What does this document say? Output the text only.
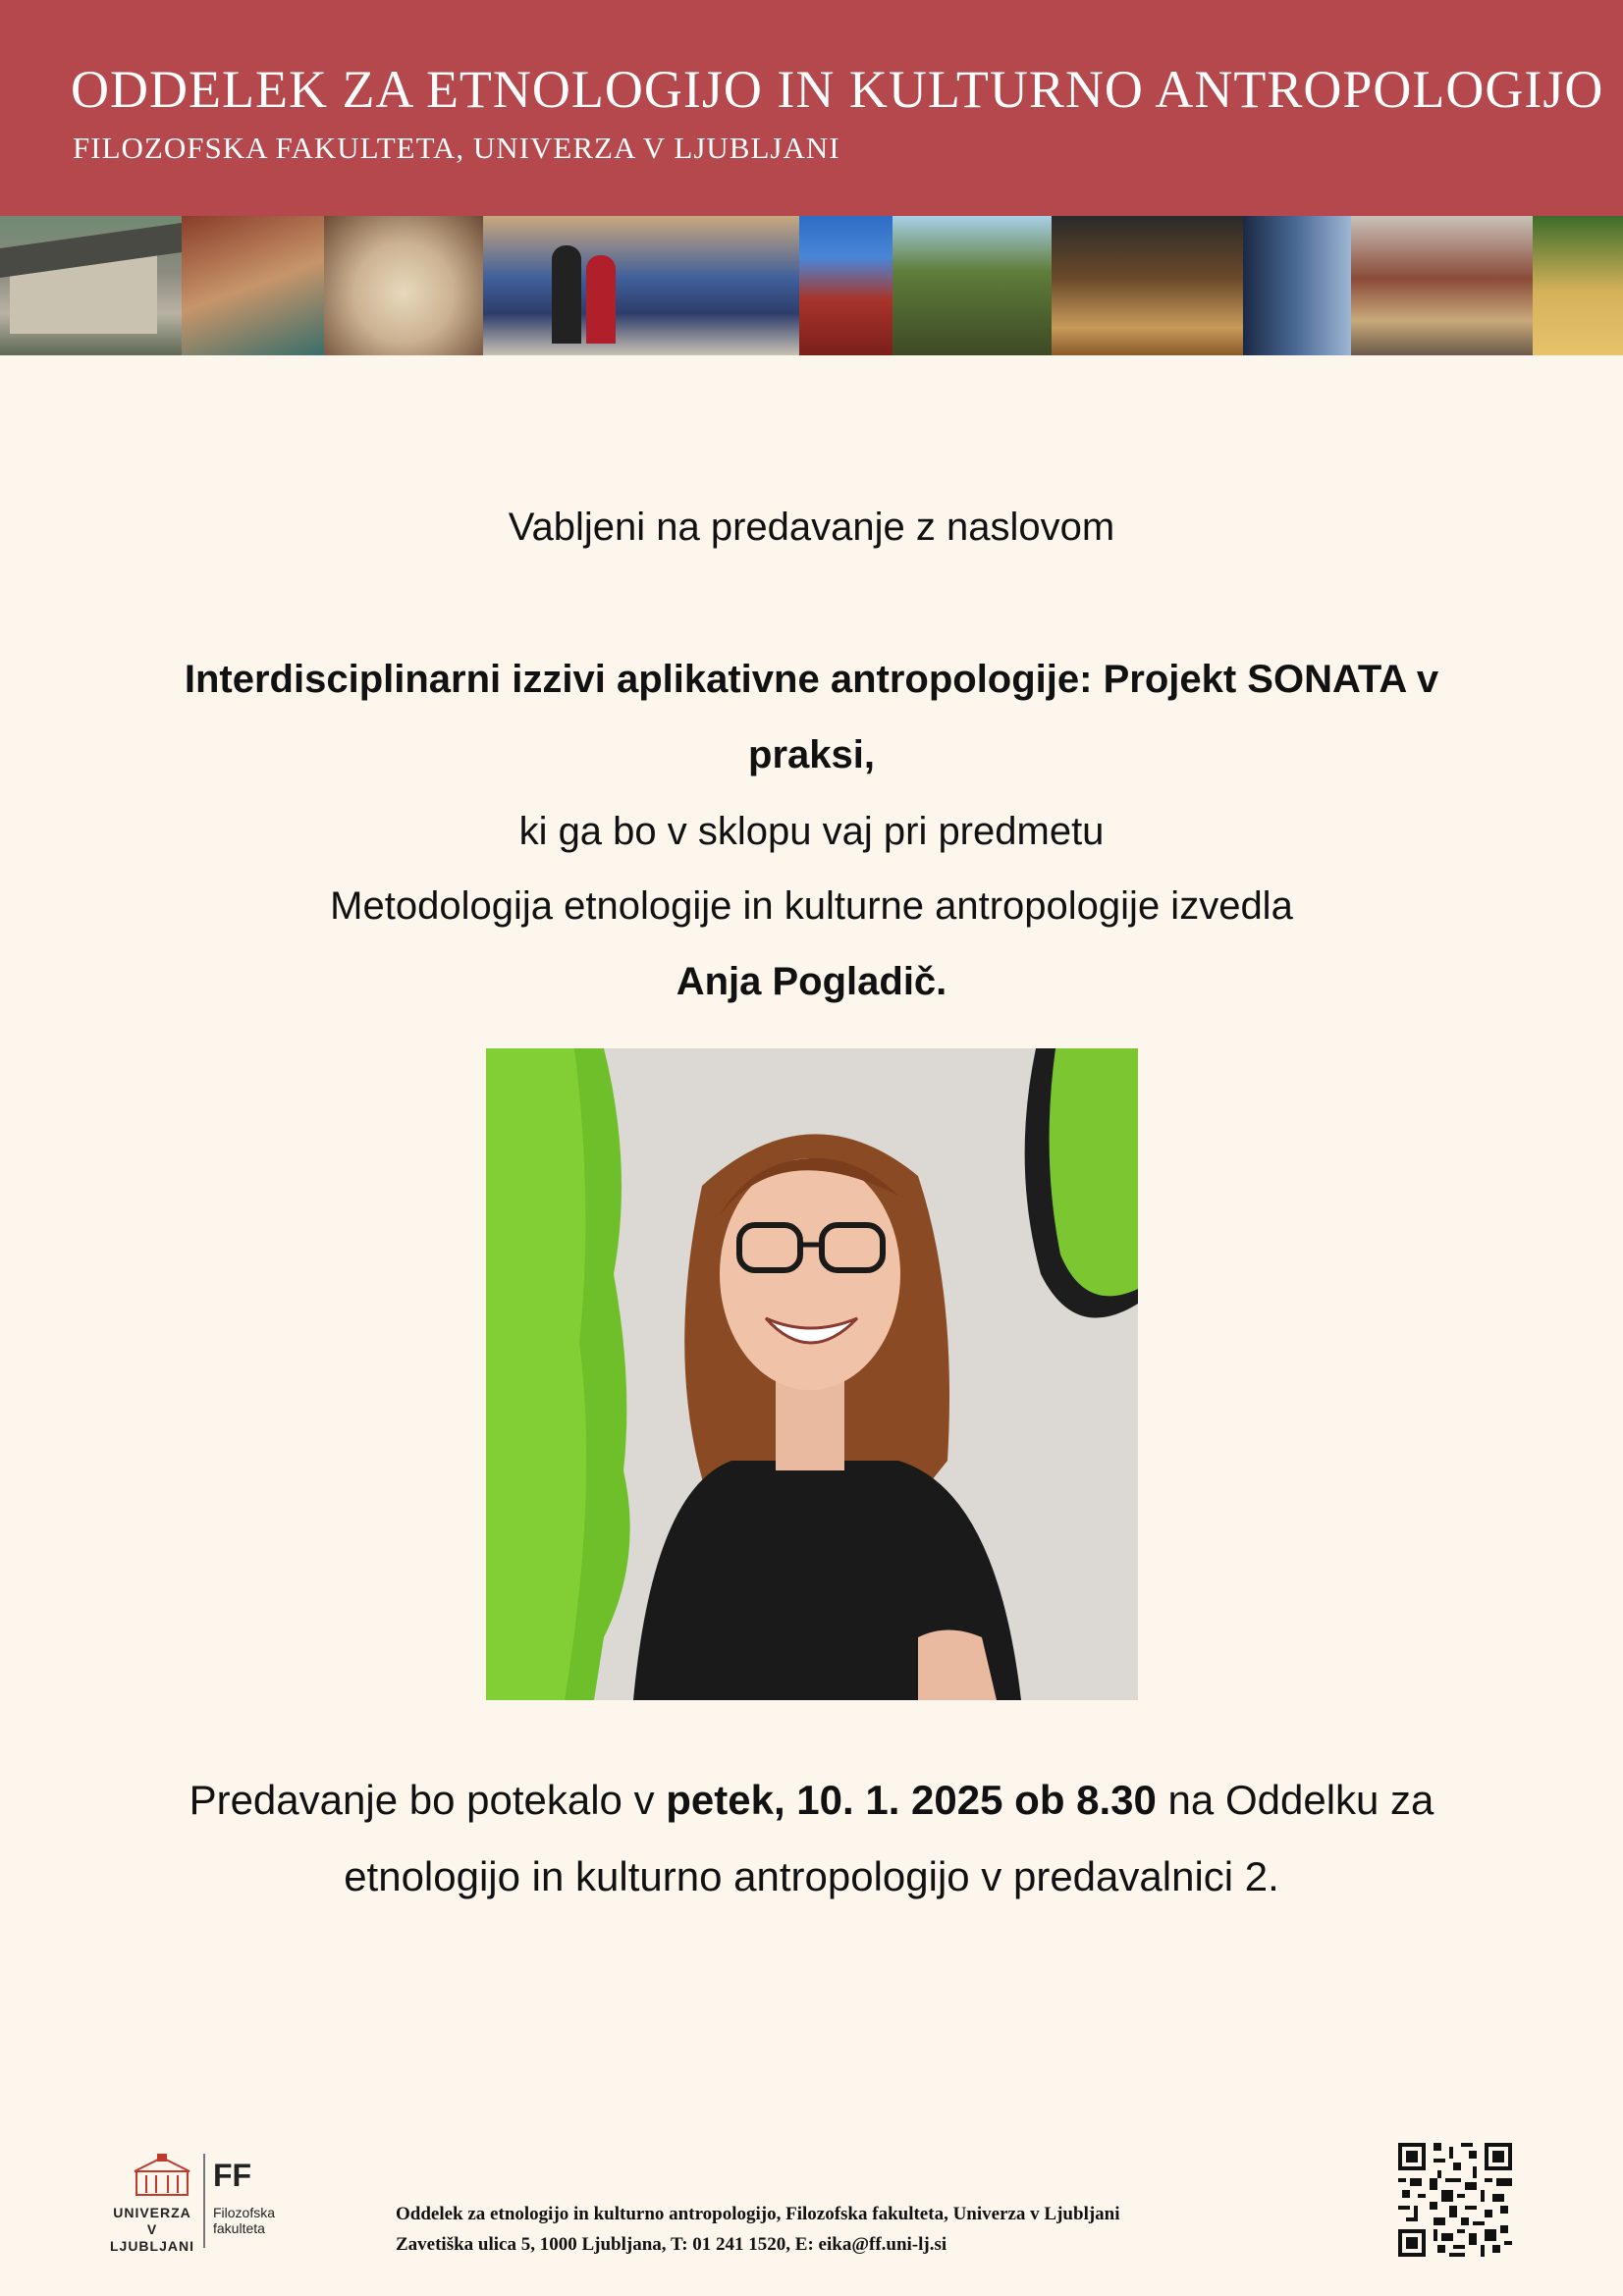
ODDELEK ZA ETNOLOGIJO IN KULTURNO ANTROPOLOGIJO
FILOZOFSKA FAKULTETA, UNIVERZA V LJUBLJANI
Vabljeni na predavanje z naslovom
Interdisciplinarni izzivi aplikativne antropologije: Projekt SONATA v
praksi,
ki ga bo v sklopu vaj pri predmetu
Metodologija etnologije in kulturne antropologije izvedla
Anja Pogladič.
Predavanje bo potekalo v petek, 10. 1. 2025 ob 8.30 na Oddelku za
etnologijo in kulturno antropologijo v predavalnici 2.
UNIVERZA
V LJUBLJANI
FF
Filozofska
fakulteta
Oddelek za etnologijo in kulturno antropologijo, Filozofska fakulteta, Univerza v Ljubljani
Zavetiška ulica 5, 1000 Ljubljana, T: 01 241 1520, E: eika@ff.uni-lj.si
